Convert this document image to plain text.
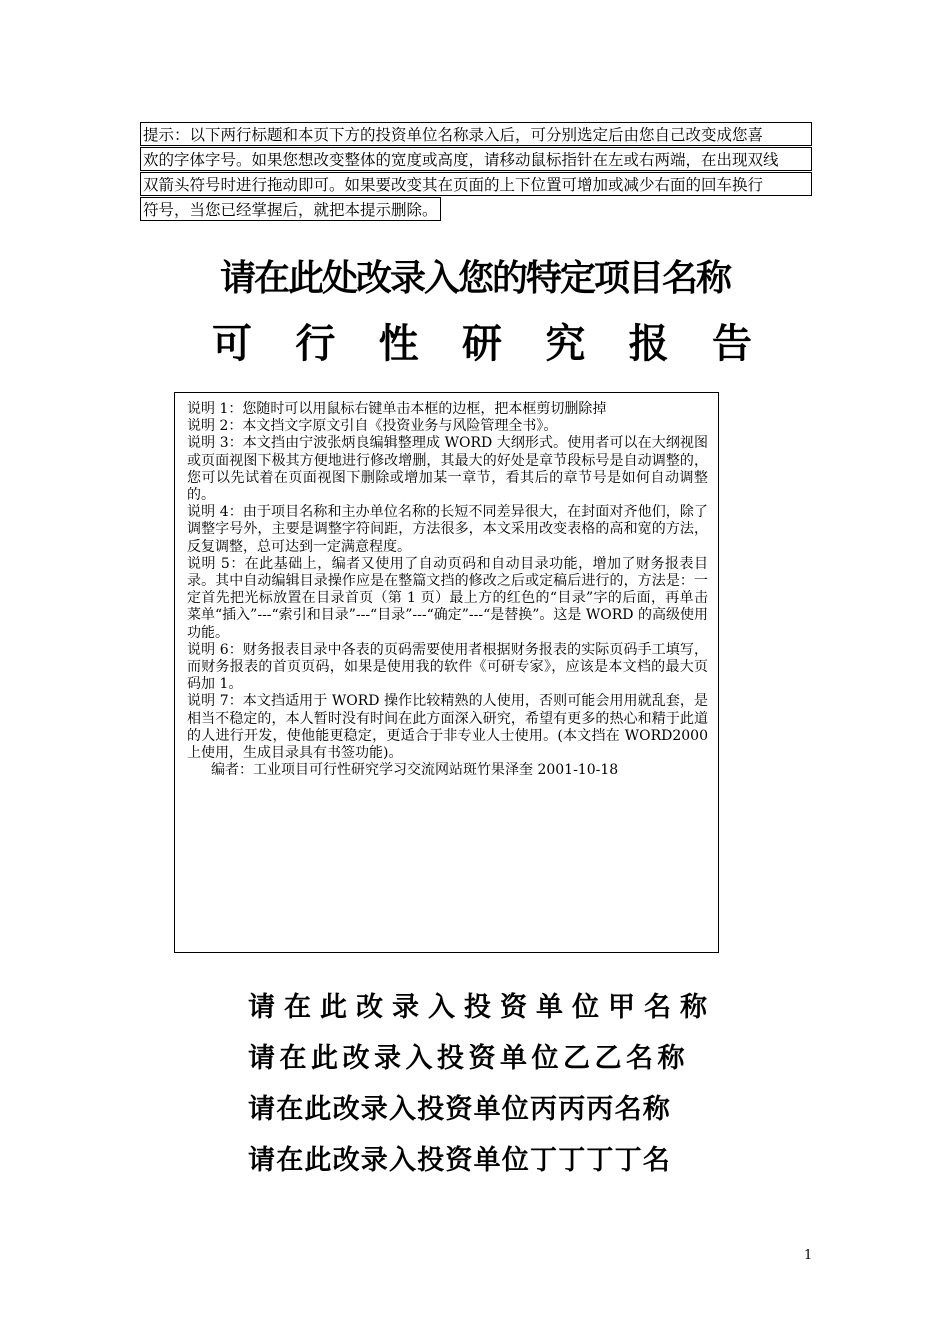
提示：以下两行标题和本页下方的投资单位名称录入后，可分别选定后由您自己改变成您喜
欢的字体字号。如果您想改变整体的宽度或高度，请移动鼠标指针在左或右两端，在出现双线
双箭头符号时进行拖动即可。如果要改变其在页面的上下位置可增加或减少右面的回车换行
符号，当您已经掌握后，就把本提示删除。
请在此处改录入您的特定项目名称
可 行 性 研 究 报 告

说明 1：您随时可以用鼠标右键单击本框的边框，把本框剪切删除掉

说明 2：本文挡文字原文引自《投资业务与风险管理全书》。

说明 3：本文挡由宁波张炳良编辑整理成 WORD 大纲形式。使用者可以在大纲视图或页面视图下极其方便地进行修改增删，其最大的好处是章节段标号是自动调整的，您可以先试着在页面视图下删除或增加某一章节，看其后的章节号是如何自动调整的。

说明 4：由于项目名称和主办单位名称的长短不同差异很大，在封面对齐他们，除了调整字号外，主要是调整字符间距，方法很多，本文采用改变表格的高和宽的方法，反复调整，总可达到一定满意程度。

说明 5：在此基础上，编者又使用了自动页码和自动目录功能，增加了财务报表目录。其中自动编辑目录操作应是在整篇文挡的修改之后或定稿后进行的，方法是：一定首先把光标放置在目录首页（第 1 页）最上方的红色的“目录”字的后面，再单击菜单“插入”---“索引和目录”---“目录”---“确定”---“是替换”。这是 WORD 的高级使用功能。

说明 6：财务报表目录中各表的页码需要使用者根据财务报表的实际页码手工填写，而财务报表的首页页码，如果是使用我的软件《可研专家》，应该是本文档的最大页码加 1。

说明 7：本文挡适用于 WORD 操作比较精熟的人使用，否则可能会用用就乱套，是相当不稳定的，本人暂时没有时间在此方面深入研究，希望有更多的热心和精于此道的人进行开发，使他能更稳定，更适合于非专业人士使用。(本文挡在 WORD2000 上使用，生成目录具有书签功能)。

编者：工业项目可行性研究学习交流网站斑竹果泽奎 2001-10-18

请在此改录入投资单位甲名称
请在此改录入投资单位乙乙名称
请在此改录入投资单位丙丙丙名称
请在此改录入投资单位丁丁丁丁名
1
